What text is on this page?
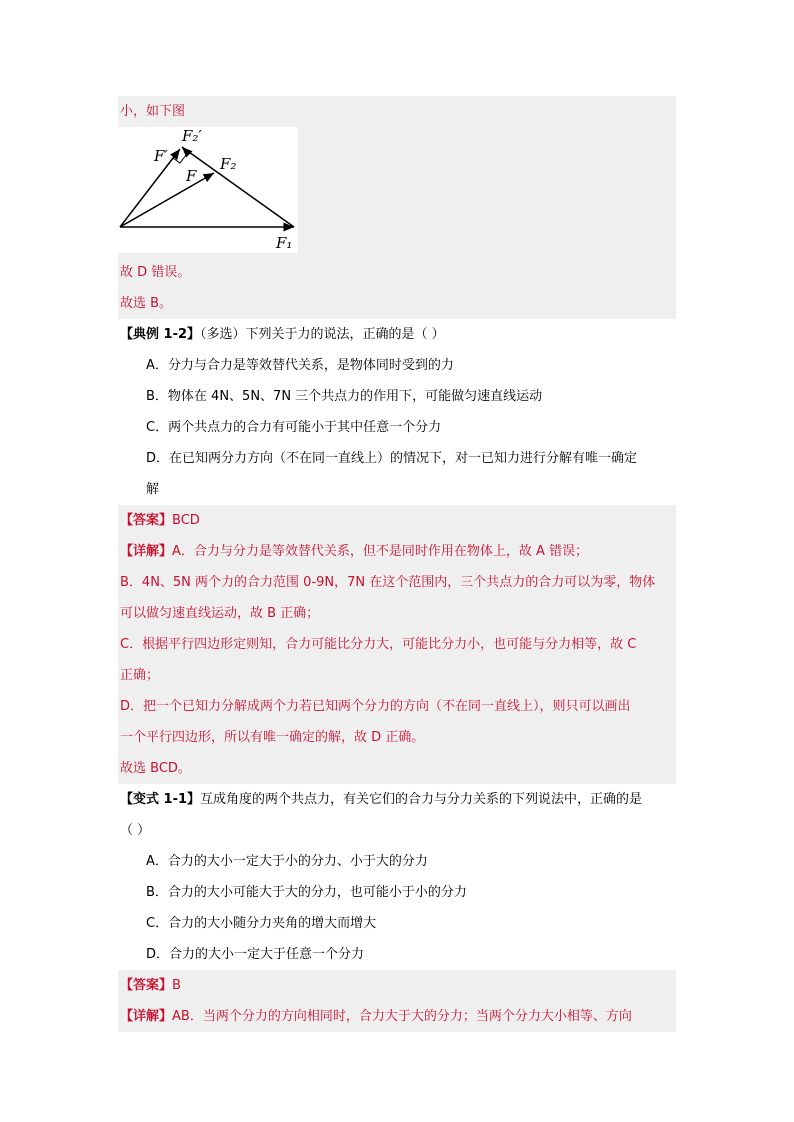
小，如下图
F₂′
F′	F₂
F
F₁
故 D 错误。
故选 B。
【典例 1-2】（多选）下列关于力的说法，正确的是（ ）
A．分力与合力是等效替代关系，是物体同时受到的力
B．物体在 4N、5N、7N 三个共点力的作用下，可能做匀速直线运动
C．两个共点力的合力有可能小于其中任意一个分力
D．在已知两分力方向（不在同一直线上）的情况下，对一已知力进行分解有唯一确定
解
【答案】BCD
【详解】A．合力与分力是等效替代关系，但不是同时作用在物体上，故 A 错误；
B．4N、5N 两个力的合力范围 0-9N，7N 在这个范围内，三个共点力的合力可以为零，物体
可以做匀速直线运动，故 B 正确；
C．根据平行四边形定则知，合力可能比分力大，可能比分力小，也可能与分力相等，故 C
正确；
D．把一个已知力分解成两个力若已知两个分力的方向（不在同一直线上），则只可以画出
一个平行四边形，所以有唯一确定的解，故 D 正确。
故选 BCD。
【变式 1-1】互成角度的两个共点力，有关它们的合力与分力关系的下列说法中，正确的是
（ ）
A．合力的大小一定大于小的分力、小于大的分力
B．合力的大小可能大于大的分力，也可能小于小的分力
C．合力的大小随分力夹角的增大而增大
D．合力的大小一定大于任意一个分力
【答案】B
【详解】AB．当两个分力的方向相同时，合力大于大的分力；当两个分力大小相等、方向
